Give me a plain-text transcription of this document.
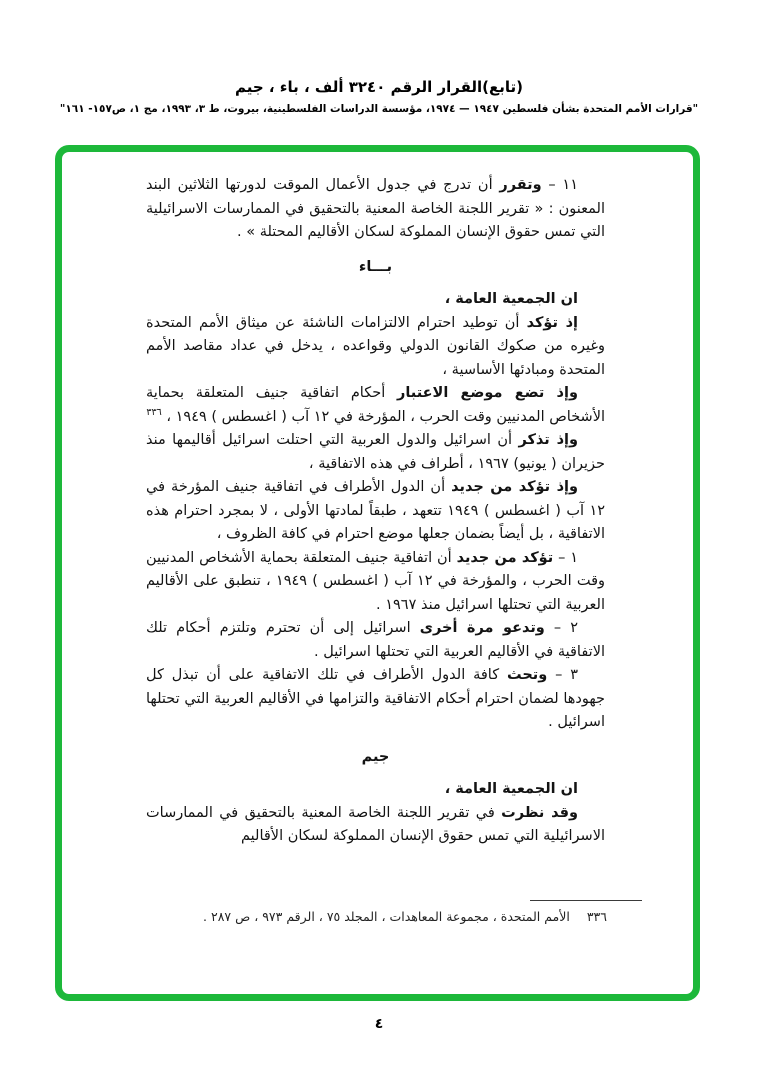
(تابع)القرار الرقم ٣٢٤٠ ألف ، باء ، جيم
"قرارات الأمم المتحدة بشأن فلسطين ١٩٤٧ — ١٩٧٤، مؤسسة الدراسات الفلسطينية، بيروت، ط ٣، ١٩٩٣، مج ١، ص١٥٧- ١٦١"

١١ – وتقرر أن تدرج في جدول الأعمال الموقت لدورتها الثلاثين البند المعنون : « تقرير اللجنة الخاصة المعنية بالتحقيق في الممارسات الاسرائيلية التي تمس حقوق الإنسان المملوكة لسكان الأقاليم المحتلة » .

بـــاء

ان الجمعية العامة ،

إذ تؤكد أن توطيد احترام الالتزامات الناشئة عن ميثاق الأمم المتحدة وغيره من صكوك القانون الدولي وقواعده ، يدخل في عداد مقاصد الأمم المتحدة ومبادئها الأساسية ،

وإذ تضع موضع الاعتبار أحكام اتفاقية جنيف المتعلقة بحماية الأشخاص المدنيين وقت الحرب ، المؤرخة في ١٢ آب ( اغسطس ) ١٩٤٩ ، $^{٣٣٦}$

وإذ تذكر أن اسرائيل والدول العربية التي احتلت اسرائيل أقاليمها منذ حزيران ( يونيو) ١٩٦٧ ، أطراف في هذه الاتفاقية ،

وإذ تؤكد من جديد أن الدول الأطراف في اتفاقية جنيف المؤرخة في ١٢ آب ( اغسطس ) ١٩٤٩ تتعهد ، طبقاً لمادتها الأولى ، لا بمجرد احترام هذه الاتفاقية ، بل أيضاً بضمان جعلها موضع احترام في كافة الظروف ،

١ – تؤكد من جديد أن اتفاقية جنيف المتعلقة بحماية الأشخاص المدنيين وقت الحرب ، والمؤرخة في ١٢ آب ( اغسطس ) ١٩٤٩ ، تنطبق على الأقاليم العربية التي تحتلها اسرائيل منذ ١٩٦٧ .

٢ – وتدعو مرة أخرى اسرائيل إلى أن تحترم وتلتزم أحكام تلك الاتفاقية في الأقاليم العربية التي تحتلها اسرائيل .

٣ – وتحث كافة الدول الأطراف في تلك الاتفاقية على أن تبذل كل جهودها لضمان احترام أحكام الاتفاقية والتزامها في الأقاليم العربية التي تحتلها اسرائيل .

جيم

ان الجمعية العامة ،

وقد نظرت في تقرير اللجنة الخاصة المعنية بالتحقيق في الممارسات الاسرائيلية التي تمس حقوق الإنسان المملوكة لسكان الأقاليم

٣٣٦
الأمم المتحدة ، مجموعة المعاهدات ، المجلد ٧٥ ، الرقم ٩٧٣ ، ص ٢٨٧ .
٤
